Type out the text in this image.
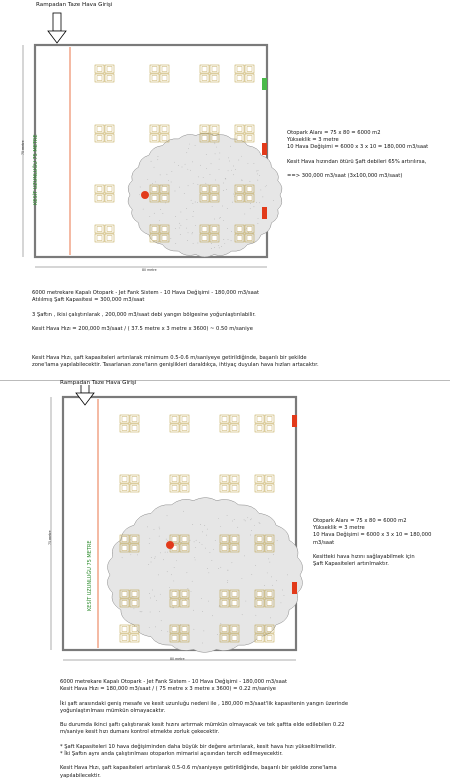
Rampadan Taze Hava Girişi
KESİT UZUNLUĞU 75 METRE
80 metre
75 metre
Otopark Alanı = 75 x 80 = 6000 m2
Yükseklik = 3 metre
10 Hava Değişimi = 6000 x 3 x 10 = 180,000 m3/saat

Kesit Hava hızından ötürü Şaft debileri 65% artırılırsa,

==> 300,000 m3/saat (3x100,000 m3/saat)
6000 metrekare Kapalı Otopark - Jet Fank Sistem - 10 Hava Değişimi - 180,000 m3/saat
Atılılmış Şaft Kapasitesi = 300,000 m3/saat

3 Şaftın , ikisi çalıştırılarak , 200,000 m3/saat debi yangın bölgesine yoğunlaştırılabilir.

Kesit Hava Hızı = 200,000 m3/saat / ( 37.5 metre x 3 metre x 3600) ~ 0.50 m/saniye

Kesit Hava Hızı, şaft kapasiteleri artırılarak minimum 0.5-0.6 m/saniyeye getirildiğinde, başarılı bir şekilde
zone'lama yapılabilecektir. Tasarlanan zone'ların genişlikleri daraldıkça, ihtiyaç duyulan hava hızları artacaktır.
Rampadan Taze Hava Girişi
KESİT UZUNLUĞU 75 METRE
80 metre
75 metre
Otopark Alanı = 75 x 80 = 6000 m2
Yükseklik = 3 metre
10 Hava Değişimi = 6000 x 3 x 10 = 180,000 m3/saat

Kesitteki hava hızını sağlayabilmek için
Şaft Kapasiteleri artırılmaktır.
6000 metrekare Kapalı Otopark - Jet Fank Sistem - 10 Hava Değişimi - 180,000 m3/saat
Kesit Hava Hızı = 180,000 m3/saat / ( 75 metre x 3 metre x 3600) = 0.22 m/saniye

İki şaft arasındaki geniş mesafe ve kesit uzunluğu nedeni ile , 180,000 m3/saat'lik kapasitenin yangın üzerinde
yoğunlaştırılması mümkün olmayacaktır.

Bu durumda ikinci şaftı çalıştırarak kesit hızını artırmak mümkün olmayacak ve tek şaftta elde edilebilen 0.22
m/saniye kesit hızı dumanı kontrol etmekte zorluk çekecektir.

* Şaft Kapasiteleri 10 hava değişiminden daha büyük bir değere artırılarak, kesit hava hızı yükseltilmelidir.
* İki Şaftın aynı anda çalıştırılması otoparkın mimarisi açısından tercih edilmeyecektir.

Kesit Hava Hızı, şaft kapasiteleri artırılarak 0.5-0.6 m/saniyeye getirildiğinde, başarılı bir şekilde zone'lama
yapılabilecektir.
